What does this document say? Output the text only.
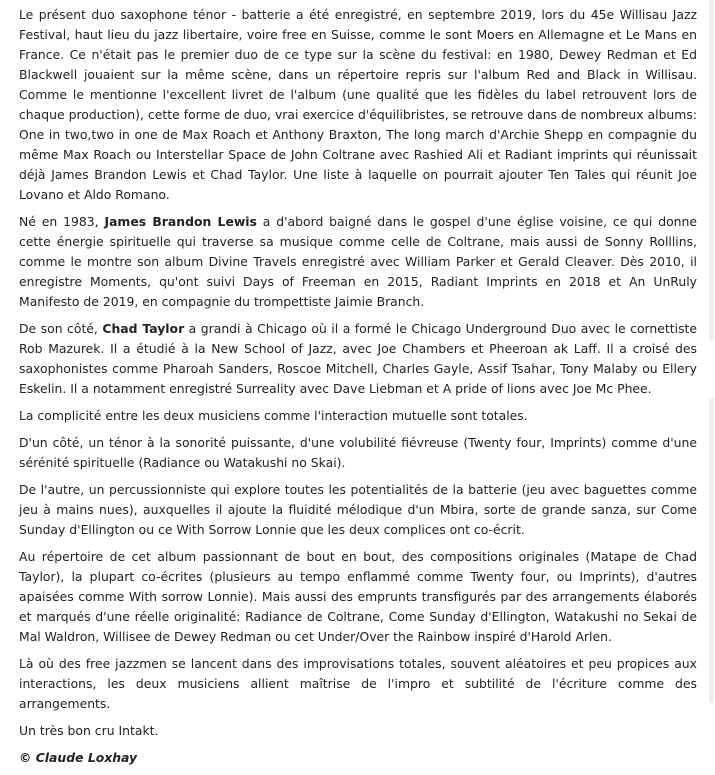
Le présent duo saxophone ténor - batterie a été enregistré, en septembre 2019, lors du 45e Willisau Jazz Festival, haut lieu du jazz libertaire, voire free en Suisse, comme le sont Moers en Allemagne et Le Mans en France. Ce n'était pas le premier duo de ce type sur la scène du festival: en 1980, Dewey Redman et Ed Blackwell jouaient sur la même scène, dans un répertoire repris sur l'album Red and Black in Willisau. Comme le mentionne l'excellent livret de l'album (une qualité que les fidèles du label retrouvent lors de chaque production), cette forme de duo, vrai exercice d'équilibristes, se retrouve dans de nombreux albums: One in two,two in one de Max Roach et Anthony Braxton, The long march d'Archie Shepp en compagnie du même Max Roach ou Interstellar Space de John Coltrane avec Rashied Ali et Radiant imprints qui réunissait déjà James Brandon Lewis et Chad Taylor. Une liste à laquelle on pourrait ajouter Ten Tales qui réunit Joe Lovano et Aldo Romano.

Né en 1983, James Brandon Lewis a d'abord baigné dans le gospel d'une église voisine, ce qui donne cette énergie spirituelle qui traverse sa musique comme celle de Coltrane, mais aussi de Sonny Rolllins, comme le montre son album Divine Travels enregistré avec William Parker et Gerald Cleaver. Dès 2010, il enregistre Moments, qu'ont suivi Days of Freeman en 2015, Radiant Imprints en 2018 et An UnRuly Manifesto de 2019, en compagnie du trompettiste Jaimie Branch.

De son côté, Chad Taylor a grandi à Chicago où il a formé le Chicago Underground Duo avec le cornettiste Rob Mazurek. Il a étudié à la New School of Jazz, avec Joe Chambers et Pheeroan ak Laff. Il a croisé des saxophonistes comme Pharoah Sanders, Roscoe Mitchell, Charles Gayle, Assif Tsahar, Tony Malaby ou Ellery Eskelin. Il a notamment enregistré Surreality avec Dave Liebman et A pride of lions avec Joe Mc Phee.

La complicité entre les deux musiciens comme l'interaction mutuelle sont totales.

D'un côté, un ténor à la sonorité puissante, d'une volubilité fiévreuse (Twenty four, Imprints) comme d'une sérénité spirituelle (Radiance ou Watakushi no Skai).

De l'autre, un percussionniste qui explore toutes les potentialités de la batterie (jeu avec baguettes comme jeu à mains nues), auxquelles il ajoute la fluidité mélodique d'un Mbira, sorte de grande sanza, sur Come Sunday d'Ellington ou ce With Sorrow Lonnie que les deux complices ont co-écrit.

Au répertoire de cet album passionnant de bout en bout, des compositions originales (Matape de Chad Taylor), la plupart co-écrites (plusieurs au tempo enflammé comme Twenty four, ou Imprints), d'autres apaisées comme With sorrow Lonnie). Mais aussi des emprunts transfigurés par des arrangements élaborés et marqués d'une réelle originalité: Radiance de Coltrane, Come Sunday d'Ellington, Watakushi no Sekai de Mal Waldron, Willisee de Dewey Redman ou cet Under/Over the Rainbow inspiré d'Harold Arlen.

Là où des free jazzmen se lancent dans des improvisations totales, souvent aléatoires et peu propices aux interactions, les deux musiciens allient maîtrise de l'impro et subtilité de l'écriture comme des arrangements.

Un très bon cru Intakt.

© Claude Loxhay
